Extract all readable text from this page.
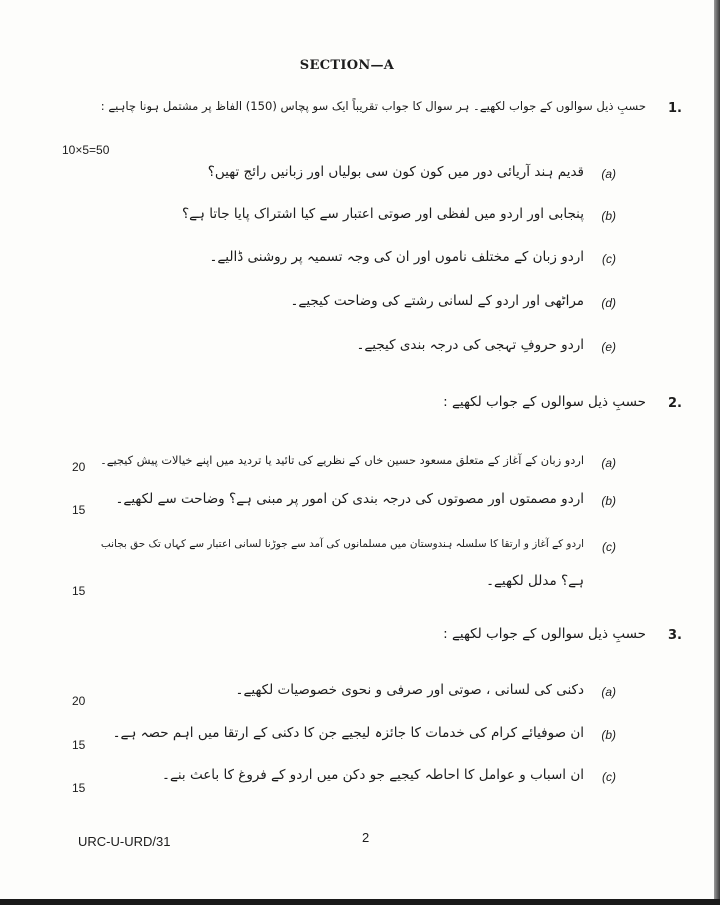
SECTION—A
1.
حسبِ ذیل سوالوں کے جواب لکھیے۔ ہر سوال کا جواب تقریباً ایک سو پچاس (150) الفاظ پر مشتمل ہونا چاہیے :
10×5=50
(a)
قدیم ہند آریائی دور میں کون کون سی بولیاں اور زبانیں رائج تھیں؟
(b)
پنجابی اور اردو میں لفظی اور صوتی اعتبار سے کیا اشتراک پایا جاتا ہے؟
(c)
اردو زبان کے مختلف ناموں اور ان کی وجہ تسمیہ پر روشنی ڈالیے۔
(d)
مراٹھی اور اردو کے لسانی رشتے کی وضاحت کیجیے۔
(e)
اردو حروفِ تہجی کی درجہ بندی کیجیے۔
2.
حسبِ ذیل سوالوں کے جواب لکھیے :
20	(a)
اردو زبان کے آغاز کے متعلق مسعود حسین خاں کے نظریے کی تائید یا تردید میں اپنے خیالات پیش کیجیے۔
15
(b)
اردو مصمتوں اور مصوتوں کی درجہ بندی کن امور پر مبنی ہے؟ وضاحت سے لکھیے۔
(c)
اردو کے آغاز و ارتقا کا سلسلہ ہندوستان میں مسلمانوں کی آمد سے جوڑنا لسانی اعتبار سے کہاں تک حق بجانب
ہے؟ مدلل لکھیے۔
15
3.
حسبِ ذیل سوالوں کے جواب لکھیے :
20
(a)
دکنی کی لسانی ، صوتی اور صرفی و نحوی خصوصیات لکھیے۔
15
(b)
ان صوفیائے کرام کی خدمات کا جائزہ لیجیے جن کا دکنی کے ارتقا میں اہم حصہ ہے۔
15
(c)
ان اسباب و عوامل کا احاطہ کیجیے جو دکن میں اردو کے فروغ کا باعث بنے۔
URC-U-URD/31	2
